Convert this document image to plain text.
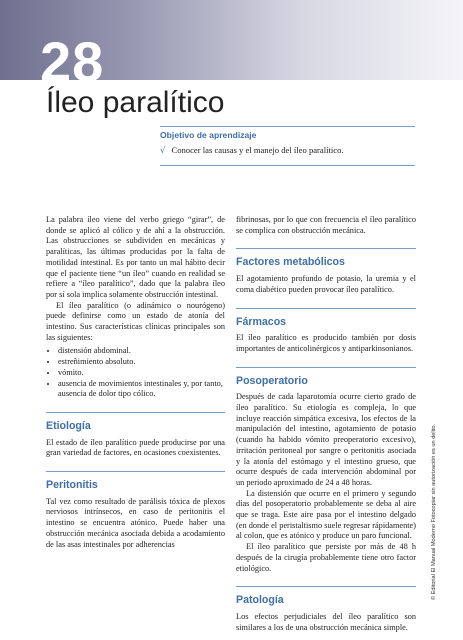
28
Íleo paralítico
Objetivo de aprendizaje
√ Conocer las causas y el manejo del íleo paralítico.

La palabra íleo viene del verbo griego “girar”, de donde se aplicó al cólico y de ahí a la obstrucción. Las obstrucciones se subdividen en mecánicas y paralíticas, las últimas producidas por la falta de motilidad intestinal. Es por tanto un mal hábito decir que el paciente tiene “un íleo” cuando en realidad se refiere a “íleo paralítico”, dado que la palabra íleo por sí sola implica solamente obstrucción intestinal.

El íleo paralítico (o adinámico o nourógeno) puede definirse como un estado de atonía del intestino. Sus características clínicas principales son las siguientes:

• distensión abdominal.
• estreñimiento absoluto.
• vómito.
• ausencia de movimientos intestinales y, por tanto, ausencia de dolor tipo cólico.
Etiología

El estado de íleo paralítico puede producirse por una gran variedad de factores, en ocasiones coexistentes.

Peritonitis

Tal vez como resultado de parálisis tóxica de plexos nerviosos intrínsecos, en caso de peritonitis el intestino se encuentra atónico. Puede haber una obstrucción mecánica asociada debida a acodamiento de las asas intestinales por adherencias

fibrinosas, por lo que con frecuencia el íleo paralítico se complica con obstrucción mecánica.

Factores metabólicos

El agotamiento profundo de potasio, la uremia y el coma diabético pueden provocar íleo paralítico.

Fármacos

El íleo paralítico es producido también por dosis importantes de anticolinérgicos y antiparkinsonianos.

Posoperatorio

Después de cada laparotomía ocurre cierto grado de íleo paralítico. Su etiología es compleja, lo que incluye reacción simpática excesiva, los efectos de la manipulación del intestino, agotamiento de potasio (cuando ha habido vómito preoperatorio excesivo), irritación peritoneal por sangre o peritonitis asociada y la atonía del estómago y el intestino grueso, que ocurre después de cada intervención abdominal por un periodo aproximado de 24 a 48 horas.

La distensión que ocurre en el primero y segundo días del posoperatorio probablemente se deba al aire que se traga. Este aire pasa por el intestino delgado (en donde el peristaltismo suele regresar rápidamente) al colon, que es atónico y produce un paro funcional.

El íleo paralítico que persiste por más de 48 h después de la cirugía probablemente tiene otro factor etiológico.

Patología

Los efectos perjudiciales del íleo paralítico son similares a los de una obstrucción mecánica simple.

© Editorial El Manual Moderno Fotocopiar sin autorización es un delito.
